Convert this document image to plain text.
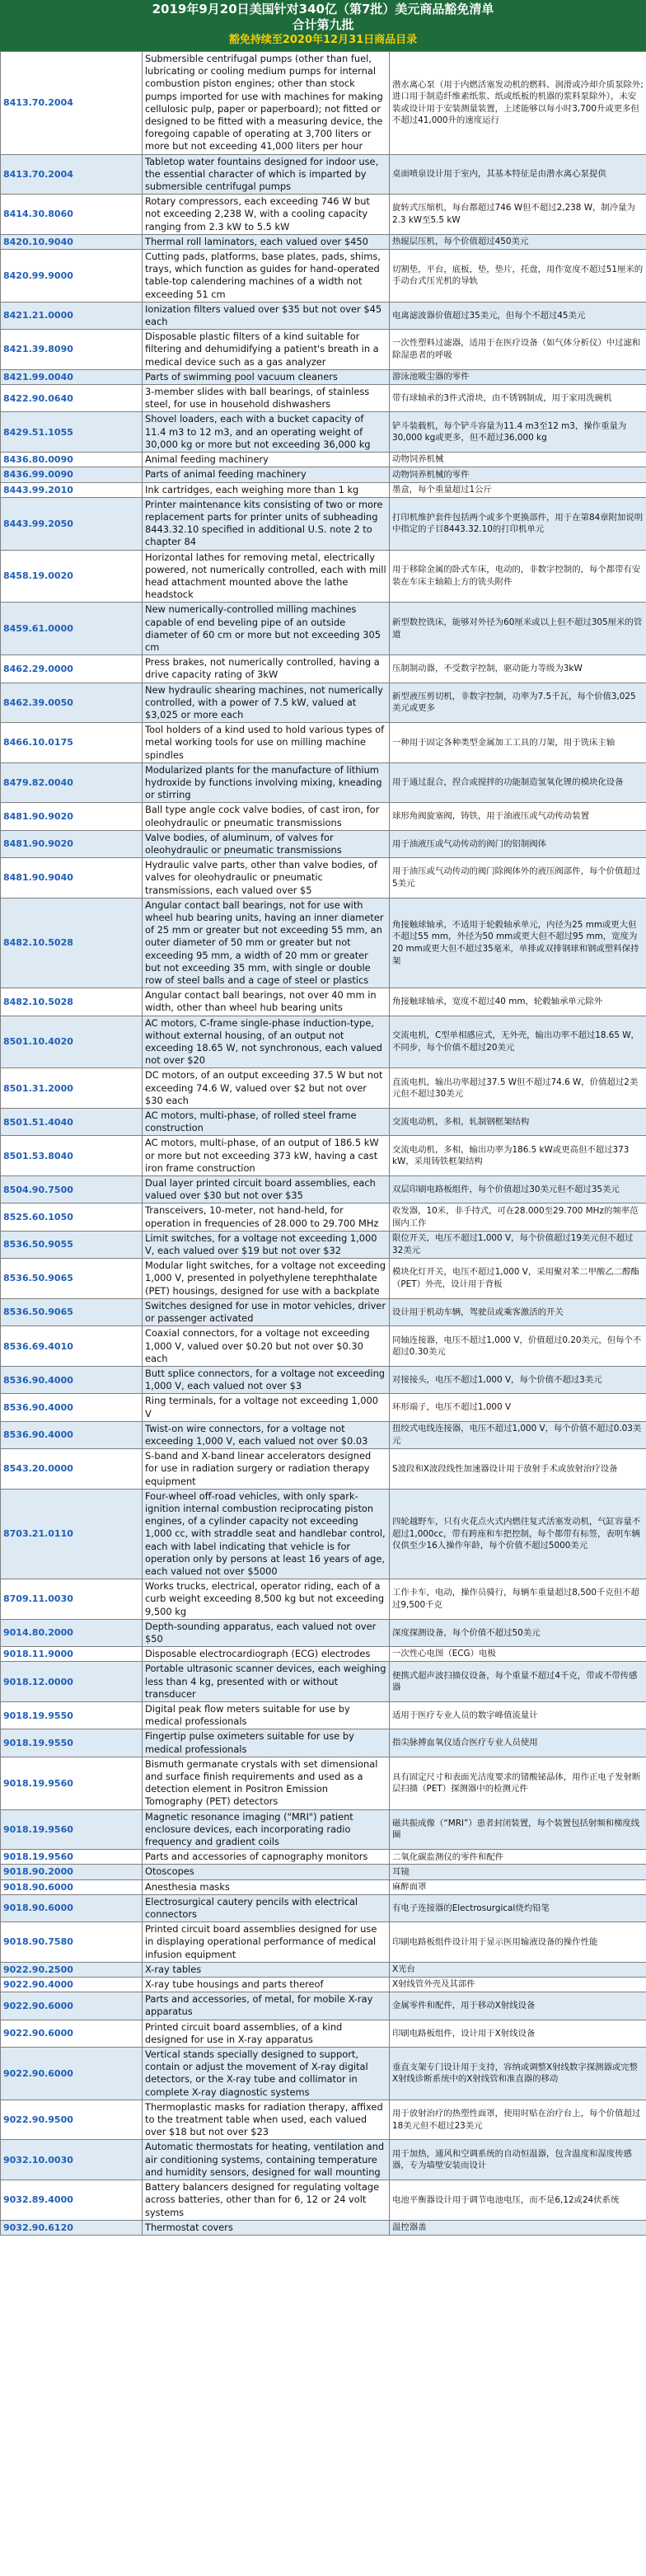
2019年9月20日美国针对340亿（第7批）美元商品豁免清单
合计第九批
豁免持续至2020年12月31日商品目录
8413.70.2004	Submersible centrifugal pumps (other than fuel, lubricating or cooling medium pumps for internal combustion piston engines; other than stock pumps imported for use with machines for making cellulosic pulp, paper or paperboard); not fitted or designed to be fitted with a measuring device, the foregoing capable of operating at 3,700 liters or more but not exceeding 41,000 liters per hour	潜水离心泵（用于内燃活塞发动机的燃料、润滑或冷却介质泵除外;进口用于制造纤维素纸浆、纸或纸板的机器的浆料泵除外），未安装或设计用于安装测量装置，上述能够以每小时3,700升或更多但不超过41,000升的速度运行
8413.70.2004	Tabletop water fountains designed for indoor use, the essential character of which is imparted by submersible centrifugal pumps	桌面喷泉设计用于室内，其基本特征是由潜水离心泵提供
8414.30.8060	Rotary compressors, each exceeding 746 W but not exceeding 2,238 W, with a cooling capacity ranging from 2.3 kW to 5.5 kW	旋转式压缩机，每台都超过746 W但不超过2,238 W，制冷量为2.3 kW至5.5 kW
8420.10.9040	Thermal roll laminators, each valued over $450	热辊层压机，每个价值超过450美元
8420.99.9000	Cutting pads, platforms, base plates, pads, shims, trays, which function as guides for hand-operated table-top calendering machines of a width not exceeding 51 cm	切割垫，平台，底板，垫，垫片，托盘，用作宽度不超过51厘米的手动台式压光机的导轨
8421.21.0000	Ionization filters valued over $35 but not over $45 each	电离滤波器价值超过35美元，但每个不超过45美元
8421.39.8090	Disposable plastic filters of a kind suitable for filtering and dehumidifying a patient's breath in a medical device such as a gas analyzer	一次性塑料过滤器，适用于在医疗设备（如气体分析仪）中过滤和除湿患者的呼吸
8421.99.0040	Parts of swimming pool vacuum cleaners	游泳池吸尘器的零件
8422.90.0640	3-member slides with ball bearings, of stainless steel, for use in household dishwashers	带有球轴承的3件式滑块，由不锈钢制成，用于家用洗碗机
8429.51.1055	Shovel loaders, each with a bucket capacity of 11.4 m3 to 12 m3, and an operating weight of 30,000 kg or more but not exceeding 36,000 kg	铲斗装载机，每个铲斗容量为11.4 m3至12 m3，操作重量为30,000 kg或更多，但不超过36,000 kg
8436.80.0090	Animal feeding machinery	动物饲养机械
8436.99.0090	Parts of animal feeding machinery	动物饲养机械的零件
8443.99.2010	Ink cartridges, each weighing more than 1 kg	墨盒，每个重量超过1公斤
8443.99.2050	Printer maintenance kits consisting of two or more replacement parts for printer units of subheading 8443.32.10 specified in additional U.S. note 2 to chapter 84	打印机维护套件包括两个或多个更换部件，用于在第84章附加说明中指定的子目8443.32.10的打印机单元
8458.19.0020	Horizontal lathes for removing metal, electrically powered, not numerically controlled, each with mill head attachment mounted above the lathe headstock	用于移除金属的卧式车床，电动的，非数字控制的，每个都带有安装在车床主轴箱上方的铣头附件
8459.61.0000	New numerically-controlled milling machines capable of end beveling pipe of an outside diameter of 60 cm or more but not exceeding 305 cm	新型数控铣床，能够对外径为60厘米或以上但不超过305厘米的管道
8462.29.0000	Press brakes, not numerically controlled, having a drive capacity rating of 3kW	压制制动器，不受数字控制，驱动能力等级为3kW
8462.39.0050	New hydraulic shearing machines, not numerically controlled, with a power of 7.5 kW, valued at $3,025 or more each	新型液压剪切机，非数字控制，功率为7.5千瓦，每个价值3,025美元或更多
8466.10.0175	Tool holders of a kind used to hold various types of metal working tools for use on milling machine spindles	一种用于固定各种类型金属加工工具的刀架，用于铣床主轴
8479.82.0040	Modularized plants for the manufacture of lithium hydroxide by functions involving mixing, kneading or stirring	用于通过混合，捏合或搅拌的功能制造氢氧化锂的模块化设备
8481.90.9020	Ball type angle cock valve bodies, of cast iron, for oleohydraulic or pneumatic transmissions	球形角阀旋塞阀，铸铁，用于油液压或气动传动装置
8481.90.9020	Valve bodies, of aluminum, of valves for oleohydraulic or pneumatic transmissions	用于油液压或气动传动的阀门的铝制阀体
8481.90.9040	Hydraulic valve parts, other than valve bodies, of valves for oleohydraulic or pneumatic transmissions, each valued over $5	用于油压或气动传动的阀门除阀体外的液压阀部件，每个价值超过5美元
8482.10.5028	Angular contact ball bearings, not for use with wheel hub bearing units, having an inner diameter of 25 mm or greater but not exceeding 55 mm, an outer diameter of 50 mm or greater but not exceeding 95 mm, a width of 20 mm or greater but not exceeding 35 mm, with single or double row of steel balls and a cage of steel or plastics	角接触球轴承，不适用于轮毂轴承单元，内径为25 mm或更大但不超过55 mm，外径为50 mm或更大但不超过95 mm，宽度为20 mm或更大但不超过35毫米，单排或双排钢球和钢或塑料保持架
8482.10.5028	Angular contact ball bearings, not over 40 mm in width, other than wheel hub bearing units	角接触球轴承，宽度不超过40 mm，轮毂轴承单元除外
8501.10.4020	AC motors, C-frame single-phase induction-type, without external housing, of an output not exceeding 18.65 W, not synchronous, each valued not over $20	交流电机，C型单相感应式，无外壳，输出功率不超过18.65 W，不同步，每个价值不超过20美元
8501.31.2000	DC motors, of an output exceeding 37.5 W but not exceeding 74.6 W, valued over $2 but not over $30 each	直流电机，输出功率超过37.5 W但不超过74.6 W，价值超过2美元但不超过30美元
8501.51.4040	AC motors, multi-phase, of rolled steel frame construction	交流电动机，多相，轧制钢框架结构
8501.53.8040	AC motors, multi-phase, of an output of 186.5 kW or more but not exceeding 373 kW, having a cast iron frame construction	交流电动机，多相，输出功率为186.5 kW或更高但不超过373 kW，采用铸铁框架结构
8504.90.7500	Dual layer printed circuit board assemblies, each valued over $30 but not over $35	双层印刷电路板组件，每个价值超过30美元但不超过35美元
8525.60.1050	Transceivers, 10-meter, not hand-held, for operation in frequencies of 28.000 to 29.700 MHz	收发器，10米，非手持式，可在28.000至29.700 MHz的频率范围内工作
8536.50.9055	Limit switches, for a voltage not exceeding 1,000 V, each valued over $19 but not over $32	限位开关，电压不超过1,000 V，每个价值超过19美元但不超过32美元
8536.50.9065	Modular light switches, for a voltage not exceeding 1,000 V, presented in polyethylene terephthalate (PET) housings, designed for use with a backplate	模块化灯开关，电压不超过1,000 V，采用聚对苯二甲酸乙二醇酯（PET）外壳，设计用于背板
8536.50.9065	Switches designed for use in motor vehicles, driver or passenger activated	设计用于机动车辆，驾驶员或乘客激活的开关
8536.69.4010	Coaxial connectors, for a voltage not exceeding 1,000 V, valued over $0.20 but not over $0.30 each	同轴连接器，电压不超过1,000 V，价值超过0.20美元，但每个不超过0.30美元
8536.90.4000	Butt splice connectors, for a voltage not exceeding 1,000 V, each valued not over $3	对接接头，电压不超过1,000 V，每个价值不超过3美元
8536.90.4000	Ring terminals, for a voltage not exceeding 1,000 V	环形端子，电压不超过1,000 V
8536.90.4000	Twist-on wire connectors, for a voltage not exceeding 1,000 V, each valued not over $0.03	扭绞式电线连接器，电压不超过1,000 V，每个价值不超过0.03美元
8543.20.0000	S-band and X-band linear accelerators designed for use in radiation surgery or radiation therapy equipment	S波段和X波段线性加速器设计用于放射手术或放射治疗设备
8703.21.0110	Four-wheel off-road vehicles, with only spark-ignition internal combustion reciprocating piston engines, of a cylinder capacity not exceeding 1,000 cc, with straddle seat and handlebar control, each with label indicating that vehicle is for operation only by persons at least 16 years of age, each valued not over $5000	四轮越野车，只有火花点火式内燃往复式活塞发动机，气缸容量不超过1,000cc，带有跨座和车把控制，每个都带有标签，表明车辆仅供至少16人操作年龄，每个价值不超过5000美元
8709.11.0030	Works trucks, electrical, operator riding, each of a curb weight exceeding 8,500 kg but not exceeding 9,500 kg	工作卡车，电动，操作员骑行，每辆车重量超过8,500千克但不超过9,500千克
9014.80.2000	Depth-sounding apparatus, each valued not over $50	深度探测设备，每个价值不超过50美元
9018.11.9000	Disposable electrocardiograph (ECG) electrodes	一次性心电图（ECG）电极
9018.12.0000	Portable ultrasonic scanner devices, each weighing less than 4 kg, presented with or without transducer	便携式超声波扫描仪设备，每个重量不超过4千克，带或不带传感器
9018.19.9550	Digital peak flow meters suitable for use by medical professionals	适用于医疗专业人员的数字峰值流量计
9018.19.9550	Fingertip pulse oximeters suitable for use by medical professionals	指尖脉搏血氧仪适合医疗专业人员使用
9018.19.9560	Bismuth germanate crystals with set dimensional and surface finish requirements and used as a detection element in Positron Emission Tomography (PET) detectors	具有固定尺寸和表面光洁度要求的锗酸铋晶体，用作正电子发射断层扫描（PET）探测器中的检测元件
9018.19.9560	Magnetic resonance imaging ("MRI") patient enclosure devices, each incorporating radio frequency and gradient coils	磁共振成像（“MRI”）患者封闭装置，每个装置包括射频和梯度线圈
9018.19.9560	Parts and accessories of capnography monitors	二氧化碳监测仪的零件和配件
9018.90.2000	Otoscopes	耳镜
9018.90.6000	Anesthesia masks	麻醉面罩
9018.90.6000	Electrosurgical cautery pencils with electrical connectors	有电子连接器的Electrosurgical烧灼铅笔
9018.90.7580	Printed circuit board assemblies designed for use in displaying operational performance of medical infusion equipment	印刷电路板组件设计用于显示医用输液设备的操作性能
9022.90.2500	X-ray tables	X光台
9022.90.4000	X-ray tube housings and parts thereof	X射线管外壳及其部件
9022.90.6000	Parts and accessories, of metal, for mobile X-ray apparatus	金属零件和配件，用于移动X射线设备
9022.90.6000	Printed circuit board assemblies, of a kind designed for use in X-ray apparatus	印刷电路板组件，设计用于X射线设备
9022.90.6000	Vertical stands specially designed to support, contain or adjust the movement of X-ray digital detectors, or the X-ray tube and collimator in complete X-ray diagnostic systems	垂直支架专门设计用于支持，容纳或调整X射线数字探测器或完整X射线诊断系统中的X射线管和准直器的移动
9022.90.9500	Thermoplastic masks for radiation therapy, affixed to the treatment table when used, each valued over $18 but not over $23	用于放射治疗的热塑性面罩，使用时贴在治疗台上，每个价值超过18美元但不超过23美元
9032.10.0030	Automatic thermostats for heating, ventilation and air conditioning systems, containing temperature and humidity sensors, designed for wall mounting	用于加热，通风和空调系统的自动恒温器，包含温度和湿度传感器，专为墙壁安装而设计
9032.89.4000	Battery balancers designed for regulating voltage across batteries, other than for 6, 12 or 24 volt systems	电池平衡器设计用于调节电池电压，而不是6,12或24伏系统
9032.90.6120	Thermostat covers	温控器盖
